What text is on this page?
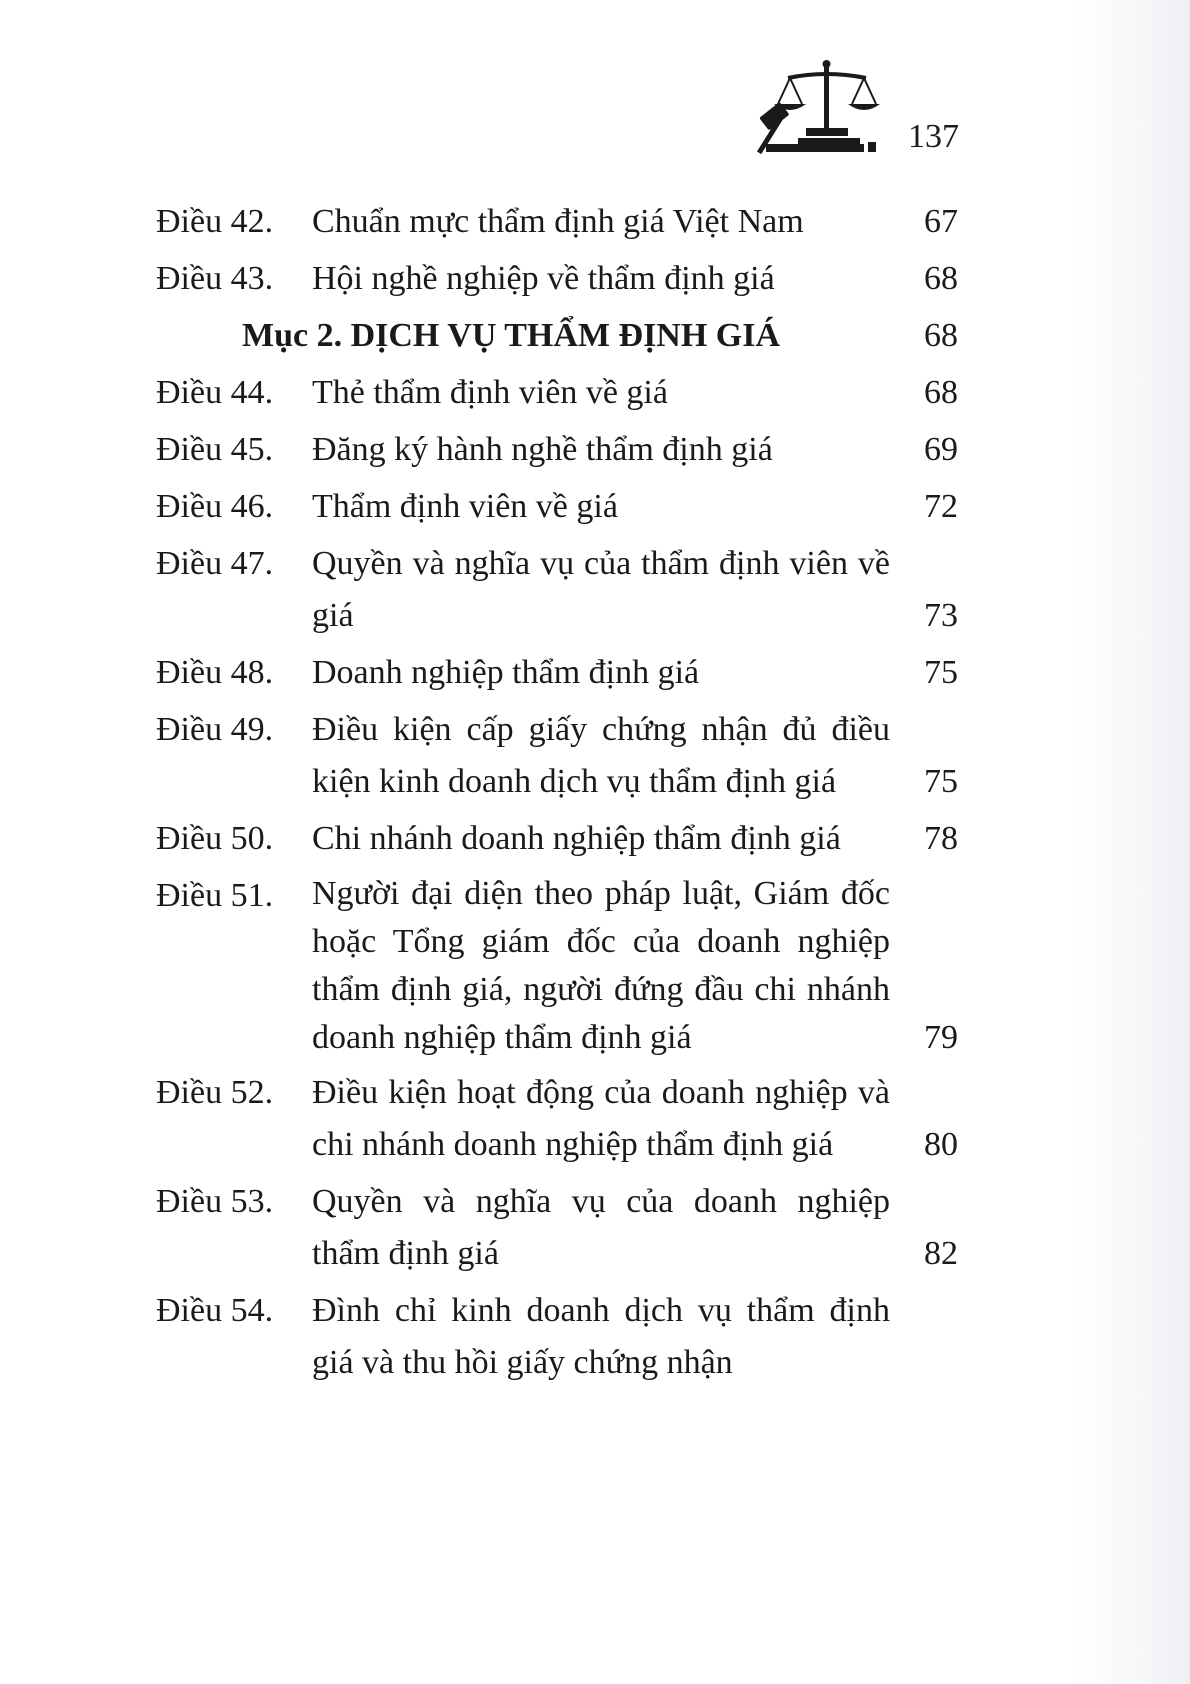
137
Điều 42.	Chuẩn mực thẩm định giá Việt Nam	67
Điều 43.	Hội nghề nghiệp về thẩm định giá	68
Mục 2. DỊCH VỤ THẨM ĐỊNH GIÁ	68
Điều 44.	Thẻ thẩm định viên về giá	68
Điều 45.	Đăng ký hành nghề thẩm định giá	69
Điều 46.	Thẩm định viên về giá	72
Điều 47.	Quyền và nghĩa vụ của thẩm định viên về giá	73
Điều 48.	Doanh nghiệp thẩm định giá	75
Điều 49.	Điều kiện cấp giấy chứng nhận đủ điều kiện kinh doanh dịch vụ thẩm định giá	75
Điều 50.	Chi nhánh doanh nghiệp thẩm định giá	78
Điều 51.	Người đại diện theo pháp luật, Giám đốc hoặc Tổng giám đốc của doanh nghiệp thẩm định giá, người đứng đầu chi nhánh doanh nghiệp thẩm định giá	79
Điều 52.	Điều kiện hoạt động của doanh nghiệp và chi nhánh doanh nghiệp thẩm định giá	80
Điều 53.	Quyền và nghĩa vụ của doanh nghiệp thẩm định giá	82
Điều 54.	Đình chỉ kinh doanh dịch vụ thẩm định giá và thu hồi giấy chứng nhận
